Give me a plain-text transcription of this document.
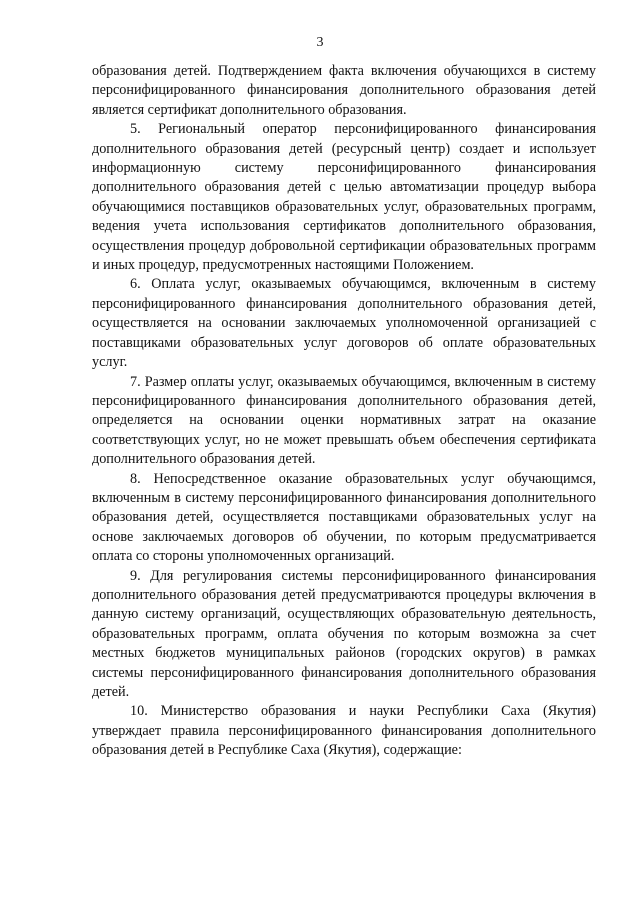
3

образования детей. Подтверждением факта включения обучающихся в систему персонифицированного финансирования дополнительного образования детей является сертификат дополнительного образования.

5. Региональный оператор персонифицированного финансирования дополнительного образования детей (ресурсный центр) создает и использует информационную систему персонифицированного финансирования дополнительного образования детей с целью автоматизации процедур выбора обучающимися поставщиков образовательных услуг, образовательных программ, ведения учета использования сертификатов дополнительного образования, осуществления процедур добровольной сертификации образовательных программ и иных процедур, предусмотренных настоящими Положением.

6. Оплата услуг, оказываемых обучающимся, включенным в систему персонифицированного финансирования дополнительного образования детей, осуществляется на основании заключаемых уполномоченной организацией с поставщиками образовательных услуг договоров об оплате образовательных услуг.

7. Размер оплаты услуг, оказываемых обучающимся, включенным в систему персонифицированного финансирования дополнительного образования детей, определяется на основании оценки нормативных затрат на оказание соответствующих услуг, но не может превышать объем обеспечения сертификата дополнительного образования детей.

8. Непосредственное оказание образовательных услуг обучающимся, включенным в систему персонифицированного финансирования дополнительного образования детей, осуществляется поставщиками образовательных услуг на основе заключаемых договоров об обучении, по которым предусматривается оплата со стороны уполномоченных организаций.

9. Для регулирования системы персонифицированного финансирования дополнительного образования детей предусматриваются процедуры включения в данную систему организаций, осуществляющих образовательную деятельность, образовательных программ, оплата обучения по которым возможна за счет местных бюджетов муниципальных районов (городских округов) в рамках системы персонифицированного финансирования дополнительного образования детей.

10. Министерство образования и науки Республики Саха (Якутия) утверждает правила персонифицированного финансирования дополнительного образования детей в Республике Саха (Якутия), содержащие:
